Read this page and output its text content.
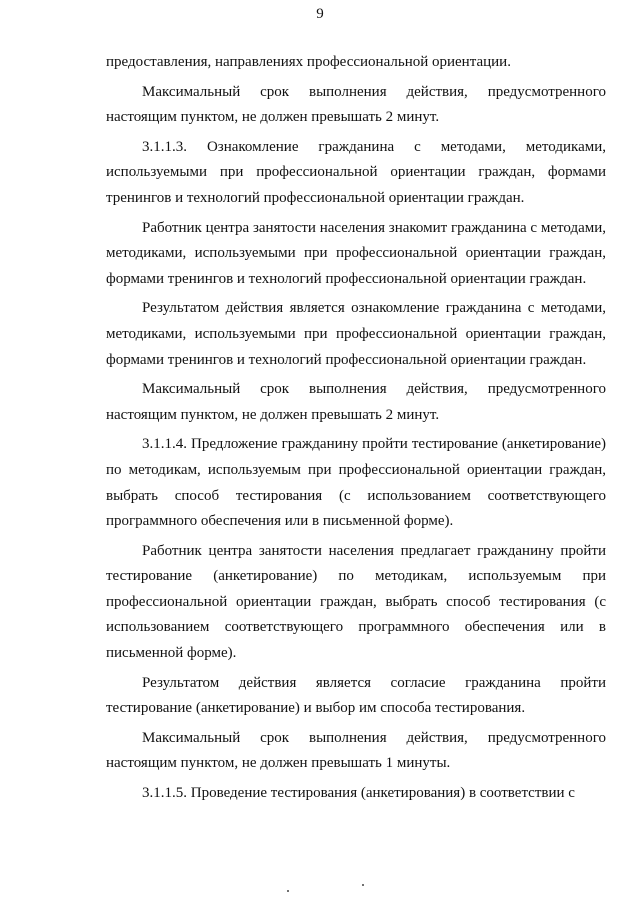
9

предоставления, направлениях профессиональной ориентации.

Максимальный срок выполнения действия, предусмотренного настоящим пунктом, не должен превышать 2 минут.

3.1.1.3. Ознакомление гражданина с методами, методиками, используемыми при профессиональной ориентации граждан, формами тренингов и технологий профессиональной ориентации граждан.

Работник центра занятости населения знакомит гражданина с методами, методиками, используемыми при профессиональной ориентации граждан, формами тренингов и технологий профессиональной ориентации граждан.

Результатом действия является ознакомление гражданина с методами, методиками, используемыми при профессиональной ориентации граждан, формами тренингов и технологий профессиональной ориентации граждан.

Максимальный срок выполнения действия, предусмотренного настоящим пунктом, не должен превышать 2 минут.

3.1.1.4. Предложение гражданину пройти тестирование (анкетирование) по методикам, используемым при профессиональной ориентации граждан, выбрать способ тестирования (с использованием соответствующего программного обеспечения или в письменной форме).

Работник центра занятости населения предлагает гражданину пройти тестирование (анкетирование) по методикам, используемым при профессиональной ориентации граждан, выбрать способ тестирования (с использованием соответствующего программного обеспечения или в письменной форме).

Результатом действия является согласие гражданина пройти тестирование (анкетирование) и выбор им способа тестирования.

Максимальный срок выполнения действия, предусмотренного настоящим пунктом, не должен превышать 1 минуты.

3.1.1.5. Проведение тестирования (анкетирования) в соответствии с
